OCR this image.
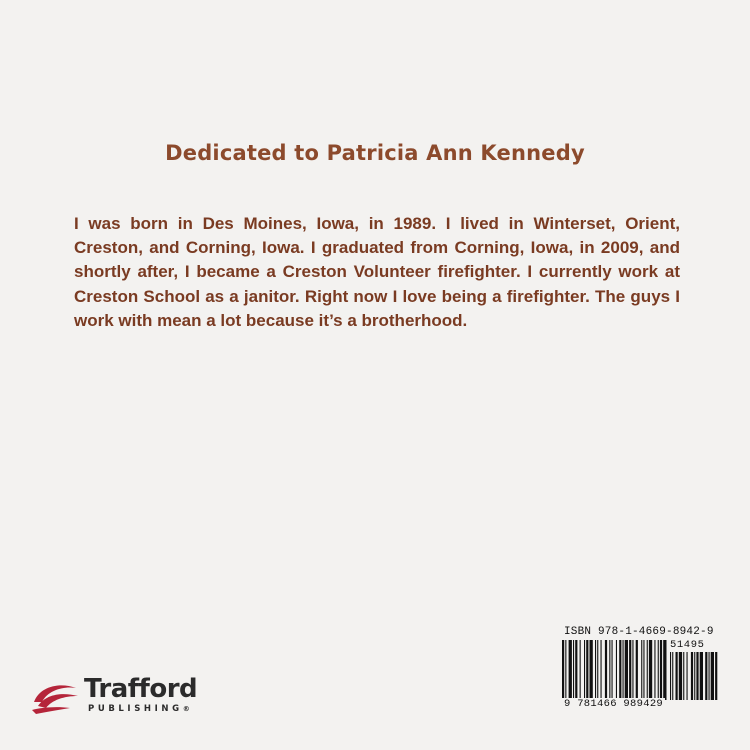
Dedicated to Patricia Ann Kennedy
I was born in Des Moines, Iowa, in 1989. I lived in Winterset, Orient, Creston, and Corning, Iowa. I graduated from Corning, Iowa, in 2009, and shortly after, I became a Creston Volunteer firefighter. I currently work at Creston School as a janitor. Right now I love being a firefighter. The guys I work with mean a lot because it’s a brotherhood.
ISBN 978-1-4669-8942-9
51495
9 781466 989429
Trafford
PUBLISHING®
